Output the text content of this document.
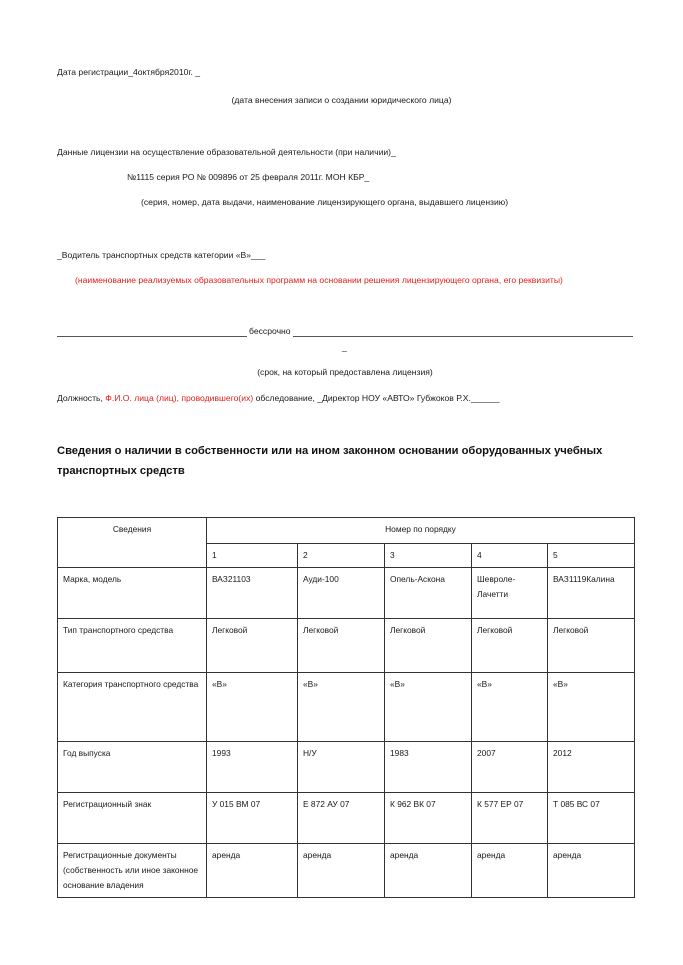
Дата регистрации_4октября2010г. _
(дата внесения записи о создании юридического лица)
Данные лицензии на осуществление образовательной деятельности (при наличии)_
№1115 серия РО № 009896 от 25 февраля 2011г. МОН КБР_
(серия, номер, дата выдачи, наименование лицензирующего органа, выдавшего лицензию)
_Водитель транспортных средств категории «В»___
(наименование реализуемых образовательных программ на основании решения лицензирующего органа, его реквизиты)
бессрочно
_
(срок, на который предоставлена лицензия)
Должность, Ф.И.О. лица (лиц), проводившего(их) обследование, _Директор НОУ «АВТО» Губжоков Р.Х.______
Сведения о наличии в собственности или на ином законном основании оборудованных учебных транспортных средств
Сведения	Номер по порядку				
	1	2	3	4	5
Марка, модель	ВАЗ21103	Ауди-100	Опель-Аскона	Шевроле-Лачетти	ВАЗ1119Калина
Тип транспортного средства	Легковой	Легковой	Легковой	Легковой	Легковой
Категория транспортного средства	«В»	«В»	«В»	«В»	«В»
Год выпуска	1993	Н/У	1983	2007	2012
Регистрационный знак	У 015 ВМ 07	Е 872 АУ 07	К 962 ВК 07	К 577 ЕР 07	Т 085 ВС 07
Регистрационные документы (собственность или иное законное основание владения	аренда	аренда	аренда	аренда	аренда
